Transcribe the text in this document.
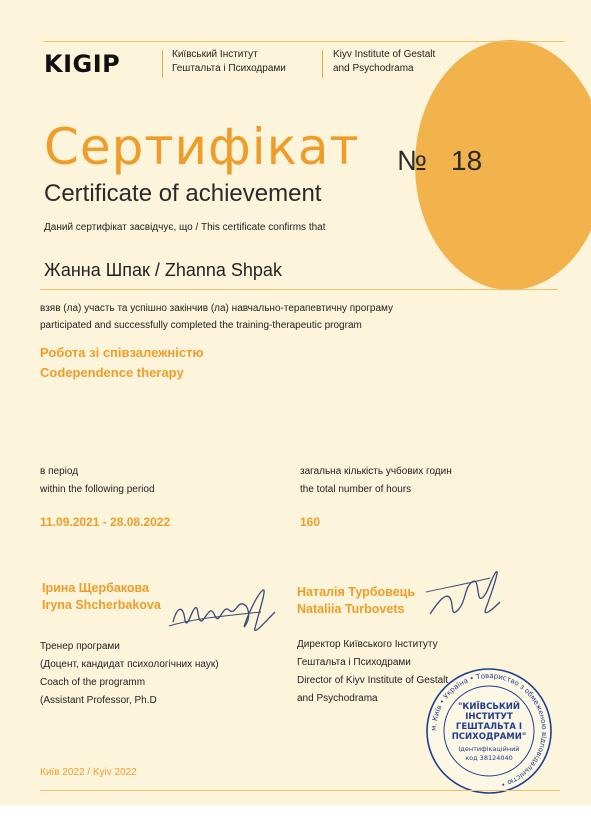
KIGIP	Київський Інститут
Гештальта і Психодрами
Kiyv Institute of Gestalt
and Psychodrama
Сертифікат
Certificate of achievement
№ 18
Даний сертифікат засвідчує, що / This certificate confirms that
Жанна Шпак / Zhanna Shpak
взяв (ла) участь та успішно закінчив (ла) навчально-терапевтичну програму
participated and successfully completed the training-therapeutic program
Робота зі співзалежністю
Codependence therapy
в період
within the following period
11.09.2021 - 28.08.2022
загальна кількість учбових годин
the total number of hours
160
Ірина Щербакова
Iryna Shcherbakova
Тренер програми
(Доцент, кандидат психологічних наук)
Coach of the programm
(Assistant Professor, Ph.D
Наталія Турбовець
Nataliia Turbovets
Директор Київського Інституту
Гештальта і Психодрами
Director of Kiyv Institute of Gestalt
and Psychodrama
м. Київ • Україна • Товариство з обмеженою відповідальністю •
"КИЇВСЬКИЙ
ІНСТИТУТ
ГЕШТАЛЬТА І
ПСИХОДРАМИ"
Ідентифікаційний
код 38124040
Київ 2022 / Kyiv 2022
